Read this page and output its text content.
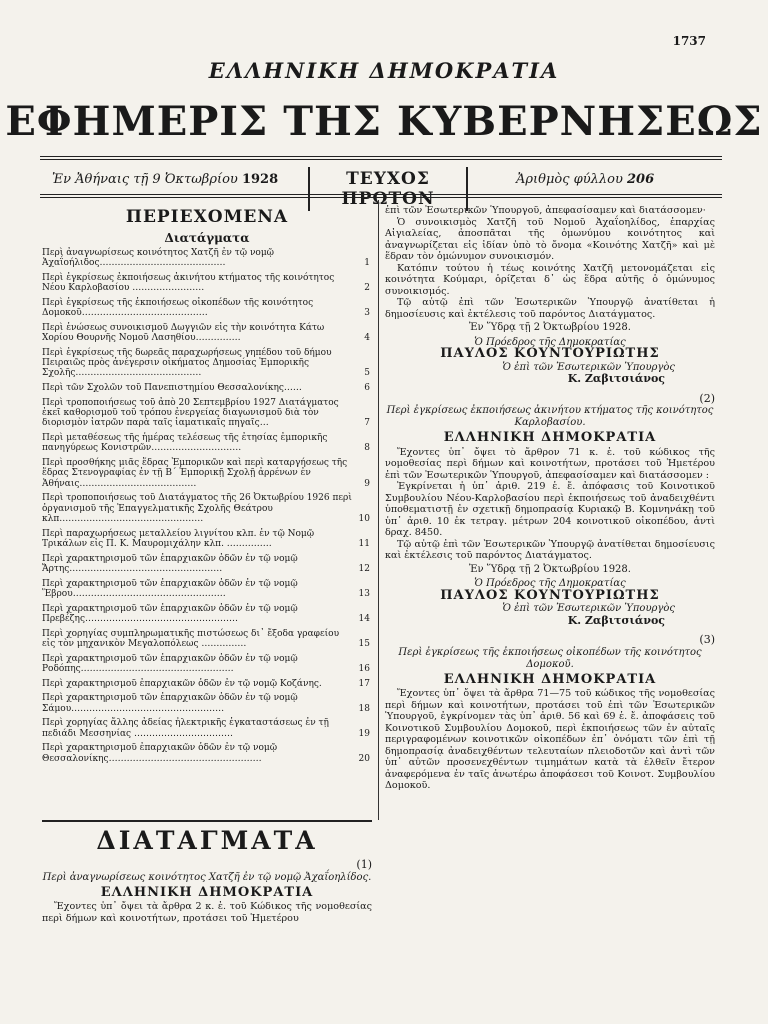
1737
ΕΛΛΗΝΙΚΗ ΔΗΜΟΚΡΑΤΙΑ
ΕΦΗΜΕΡΙΣ ΤΗΣ ΚΥΒΕΡΝΗΣΕΩΣ
Ἐν Ἀθήναις τῇ 9 Ὀκτωβρίου 1928	ΤΕΥΧΟΣ ΠΡΩΤΟΝ
Ἀριθμὸς φύλλου 206
ΠΕΡΙΕΧΟΜΕΝΑ
Διατάγματα
Περὶ ἀναγνωρίσεως κοινότητος Χατζῆ ἐν τῷ νομῷ Ἀχαΐοήλιδος……………………………………	1
Περὶ ἐγκρίσεως ἐκποιήσεως ἀκινήτου κτήματος τῆς κοινότητος Νέου Καρλοβασίου ……………………	2
Περὶ ἐγκρίσεως τῆς ἐκποιήσεως οἰκοπέδων τῆς κοινότητος Δομοκοῦ……………………………………	3
Περὶ ἑνώσεως συνοικισμοῦ Δωγγιῶν εἰς τὴν κοινότητα Κάτω Χορίου Θουρνῆς Νομοῦ Λασηθίου……………	4
Περὶ ἐγκρίσεως τῆς δωρεᾶς παραχωρήσεως γηπέδου τοῦ δήμου Πειραιῶς πρὸς ἀνέγερσιν οἰκήματος Δημοσίας Ἐμπορικῆς Σχολῆς……………………………………	5
Περὶ τῶν Σχολῶν τοῦ Πανεπιστημίου Θεσσαλονίκης……	6
Περὶ τροποποιήσεως τοῦ ἀπὸ 20 Σεπτεμβρίου 1927 Διατάγματος ἐκεῖ καθορισμοῦ τοῦ τρόπου ἐνεργείας διαγωνισμοῦ διὰ τὸν διορισμὸν ἰατρῶν παρὰ ταῖς ἰαματικαῖς πηγαῖς…	7
Περὶ μεταθέσεως τῆς ἡμέρας τελέσεως τῆς ἐτησίας ἐμπορικῆς πανηγύρεως Κονιστρῶν…………………………	8
Περὶ προσθήκης μιᾶς ἕδρας Ἐμπορικῶν καὶ περὶ καταργήσεως τῆς ἕδρας Στενογραφίας ἐν τῇ Β΄ Ἐμπορικῇ Σχολῇ ἀρρένων ἐν Ἀθήναις…………………………………	9
Περὶ τροποποιήσεως τοῦ Διατάγματος τῆς 26 Ὀκτωβρίου 1926 περὶ ὀργανισμοῦ τῆς Ἐπαγγελματικῆς Σχολῆς Θεάτρου κλπ…………………………………………	10
Περὶ παραχωρήσεως μεταλλείου λιγνίτου κλπ. ἐν τῷ Νομῷ Τρικάλων εἰς Π. Κ. Μαυρομιχάλην κλπ. ……………	11
Περὶ χαρακτηρισμοῦ τῶν ἐπαρχιακῶν ὁδῶν ἐν τῷ νομῷ Ἄρτης……………………………………………	12
Περὶ χαρακτηρισμοῦ τῶν ἐπαρχιακῶν ὁδῶν ἐν τῷ νομῷ Ἕβρου……………………………………………	13
Περὶ χαρακτηρισμοῦ τῶν ἐπαρχιακῶν ὁδῶν ἐν τῷ νομῷ Πρεβέζης……………………………………………	14
Περὶ χορηγίας συμπληρωματικῆς πιστώσεως δι᾽ ἔξοδα γραφείου εἰς τὸν μηχανικὸν Μεγαλοπόλεως ……………	15
Περὶ χαρακτηρισμοῦ τῶν ἐπαρχιακῶν ὁδῶν ἐν τῷ νομῷ Ροδόπης……………………………………………	16
Περὶ χαρακτηρισμοῦ ἐπαρχιακῶν ὁδῶν ἐν τῷ νομῷ Κοζάνης.	17
Περὶ χαρακτηρισμοῦ τῶν ἐπαρχιακῶν ὁδῶν ἐν τῷ νομῷ Σάμου……………………………………………	18
Περὶ χορηγίας ἄλλης ἀδείας ἠλεκτρικῆς ἐγκαταστάσεως ἐν τῇ πεδιάδι Μεσσηνίας ……………………………	19
Περὶ χαρακτηρισμοῦ ἐπαρχιακῶν ὁδῶν ἐν τῷ νομῷ Θεσσαλονίκης……………………………………………	20
ΔΙΑΤΑΓΜΑΤΑ
(1)
Περὶ ἀναγνωρίσεως κοινότητος Χατζῆ ἐν τῷ νομῷ Ἀχαΐοηλίδος.
ΕΛΛΗΝΙΚΗ ΔΗΜΟΚΡΑΤΙΑ

Ἔχοντες ὑπ᾽ ὄψει τὰ ἄρθρα 2 κ. ἑ. τοῦ Κώδικος τῆς νομοθεσίας περὶ δήμων καὶ κοινοτήτων, προτάσει τοῦ Ἡμετέρου

ἐπὶ τῶν Ἐσωτερικῶν Ὑπουργοῦ, ἀπεφασίσαμεν καὶ διατάσσομεν·

Ὁ συνοικισμὸς Χατζῆ τοῦ Νομοῦ Ἀχαΐοηλίδος, ἐπαρχίας Αἰγιαλείας, ἀποσπᾶται τῆς ὁμωνύμου κοινότητος καὶ ἀναγνωρίζεται εἰς ἰδίαν ὑπὸ τὸ ὄνομα «Κοινότης Χατζῆ» καὶ μὲ ἕδραν τὸν ὁμώνυμον συνοικισμόν.

Κατόπιν τούτου ἡ τέως κοινότης Χατζῆ μετονομάζεται εἰς κοινότητα Κούμαρι, ὁρίζεται δ᾽ ὡς ἕδρα αὐτῆς ὁ ὁμώνυμος συνοικισμός.

Τῷ αὐτῷ ἐπὶ τῶν Ἐσωτερικῶν Ὑπουργῷ ἀνατίθεται ἡ δημοσίευσις καὶ ἐκτέλεσις τοῦ παρόντος Διατάγματος.

Ἐν Ὕδρᾳ τῇ 2 Ὀκτωβρίου 1928.
Ὁ Πρόεδρος τῆς Δημοκρατίας
ΠΑΥΛΟΣ ΚΟΥΝΤΟΥΡΙΩΤΗΣ
Ὁ ἐπὶ τῶν Ἐσωτερικῶν Ὑπουργὸς
Κ. Ζαβιτσιάνος
(2)
Περὶ ἐγκρίσεως ἐκποιήσεως ἀκινήτου κτήματος τῆς κοινότητος Καρλοβασίου.
ΕΛΛΗΝΙΚΗ ΔΗΜΟΚΡΑΤΙΑ

Ἔχοντες ὑπ᾽ ὄψει τὸ ἄρθρον 71 κ. ἑ. τοῦ κώδικος τῆς νομοθεσίας περὶ δήμων καὶ κοινοτήτων, προτάσει τοῦ Ἡμετέρου ἐπὶ τῶν Ἐσωτερικῶν Ὑπουργοῦ, ἀπεφασίσαμεν καὶ διατάσσομεν :

Ἐγκρίνεται ἡ ὑπ᾽ ἀριθ. 219 ἑ. ἔ. ἀπόφασις τοῦ Κοινοτικοῦ Συμβουλίου Νέου-Καρλοβασίου περὶ ἐκποιήσεως τοῦ ἀναδειχθέντι ὑποθεματιστῇ ἐν σχετικῇ δημοπρασίᾳ Κυριακῷ Β. Κομνηνάκῃ τοῦ ὑπ᾽ ἀριθ. 10 ἐκ τετραγ. μέτρων 204 κοινοτικοῦ οἰκοπέδου, ἀντὶ δραχ. 8450.

Τῷ αὐτῷ ἐπὶ τῶν Ἐσωτερικῶν Ὑπουργῷ ἀνατίθεται δημοσίευσις καὶ ἐκτέλεσις τοῦ παρόντος Διατάγματος.

Ἐν Ὕδρᾳ τῇ 2 Ὀκτωβρίου 1928.
Ὁ Πρόεδρος τῆς Δημοκρατίας
ΠΑΥΛΟΣ ΚΟΥΝΤΟΥΡΙΩΤΗΣ
Ὁ ἐπὶ τῶν Ἐσωτερικῶν Ὑπουργὸς
Κ. Ζαβιτσιάνος
(3)
Περὶ ἐγκρίσεως τῆς ἐκποιήσεως οἰκοπέδων τῆς κοινότητος Δομοκοῦ.
ΕΛΛΗΝΙΚΗ ΔΗΜΟΚΡΑΤΙΑ

Ἔχοντες ὑπ᾽ ὄψει τὰ ἄρθρα 71—75 τοῦ κώδικος τῆς νομοθεσίας περὶ δήμων καὶ κοινοτήτων, προτάσει τοῦ ἐπὶ τῶν Ἐσωτερικῶν Ὑπουργοῦ, ἐγκρίνομεν τὰς ὑπ᾽ ἀριθ. 56 καὶ 69 ἑ. ἔ. ἀποφάσεις τοῦ Κοινοτικοῦ Συμβουλίου Δομοκοῦ, περὶ ἐκποιήσεως τῶν ἐν αὐταῖς περιγραφομένων κοινοτικῶν οἰκοπέδων ἐπ᾽ ὀνόματι τῶν ἐπὶ τῇ δημοπρασίᾳ ἀναδειχθέντων τελευταίων πλειοδοτῶν καὶ ἀντὶ τῶν ὑπ᾽ αὐτῶν προσενεχθέντων τιμημάτων κατὰ τὰ ἐλθεῖν ἔτερον ἀναφερόμενα ἐν ταῖς ἀνωτέρω ἀποφάσεσι τοῦ Κοινοτ. Συμβουλίου Δομοκοῦ.
